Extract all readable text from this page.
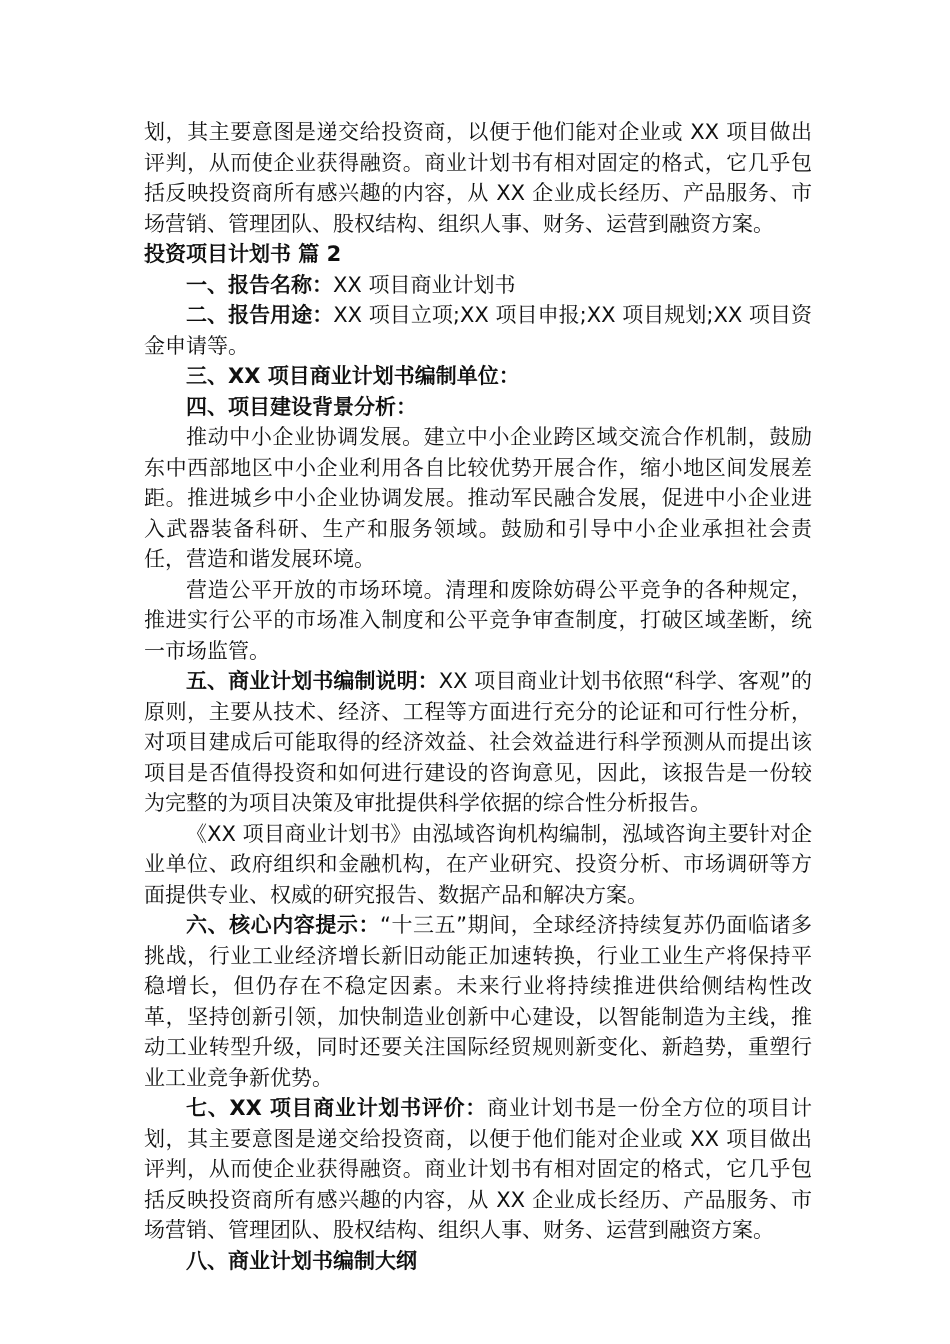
划，其主要意图是递交给投资商，以便于他们能对企业或 XX 项目做出评判，从而使企业获得融资。商业计划书有相对固定的格式，它几乎包括反映投资商所有感兴趣的内容，从 XX 企业成长经历、产品服务、市场营销、管理团队、股权结构、组织人事、财务、运营到融资方案。

投资项目计划书 篇 2

一、报告名称：XX 项目商业计划书

二、报告用途：XX 项目立项;XX 项目申报;XX 项目规划;XX 项目资金申请等。

三、XX 项目商业计划书编制单位：

四、项目建设背景分析：

推动中小企业协调发展。建立中小企业跨区域交流合作机制，鼓励东中西部地区中小企业利用各自比较优势开展合作，缩小地区间发展差距。推进城乡中小企业协调发展。推动军民融合发展，促进中小企业进入武器装备科研、生产和服务领域。鼓励和引导中小企业承担社会责任，营造和谐发展环境。

营造公平开放的市场环境。清理和废除妨碍公平竞争的各种规定，推进实行公平的市场准入制度和公平竞争审查制度，打破区域垄断，统一市场监管。

五、商业计划书编制说明：XX 项目商业计划书依照“科学、客观”的原则，主要从技术、经济、工程等方面进行充分的论证和可行性分析，对项目建成后可能取得的经济效益、社会效益进行科学预测从而提出该项目是否值得投资和如何进行建设的咨询意见，因此，该报告是一份较为完整的为项目决策及审批提供科学依据的综合性分析报告。

《XX 项目商业计划书》由泓域咨询机构编制，泓域咨询主要针对企业单位、政府组织和金融机构，在产业研究、投资分析、市场调研等方面提供专业、权威的研究报告、数据产品和解决方案。

六、核心内容提示：“十三五”期间，全球经济持续复苏仍面临诸多挑战，行业工业经济增长新旧动能正加速转换，行业工业生产将保持平稳增长，但仍存在不稳定因素。未来行业将持续推进供给侧结构性改革，坚持创新引领，加快制造业创新中心建设，以智能制造为主线，推动工业转型升级，同时还要关注国际经贸规则新变化、新趋势，重塑行业工业竞争新优势。

七、XX 项目商业计划书评价：商业计划书是一份全方位的项目计划，其主要意图是递交给投资商，以便于他们能对企业或 XX 项目做出评判，从而使企业获得融资。商业计划书有相对固定的格式，它几乎包括反映投资商所有感兴趣的内容，从 XX 企业成长经历、产品服务、市场营销、管理团队、股权结构、组织人事、财务、运营到融资方案。

八、商业计划书编制大纲
